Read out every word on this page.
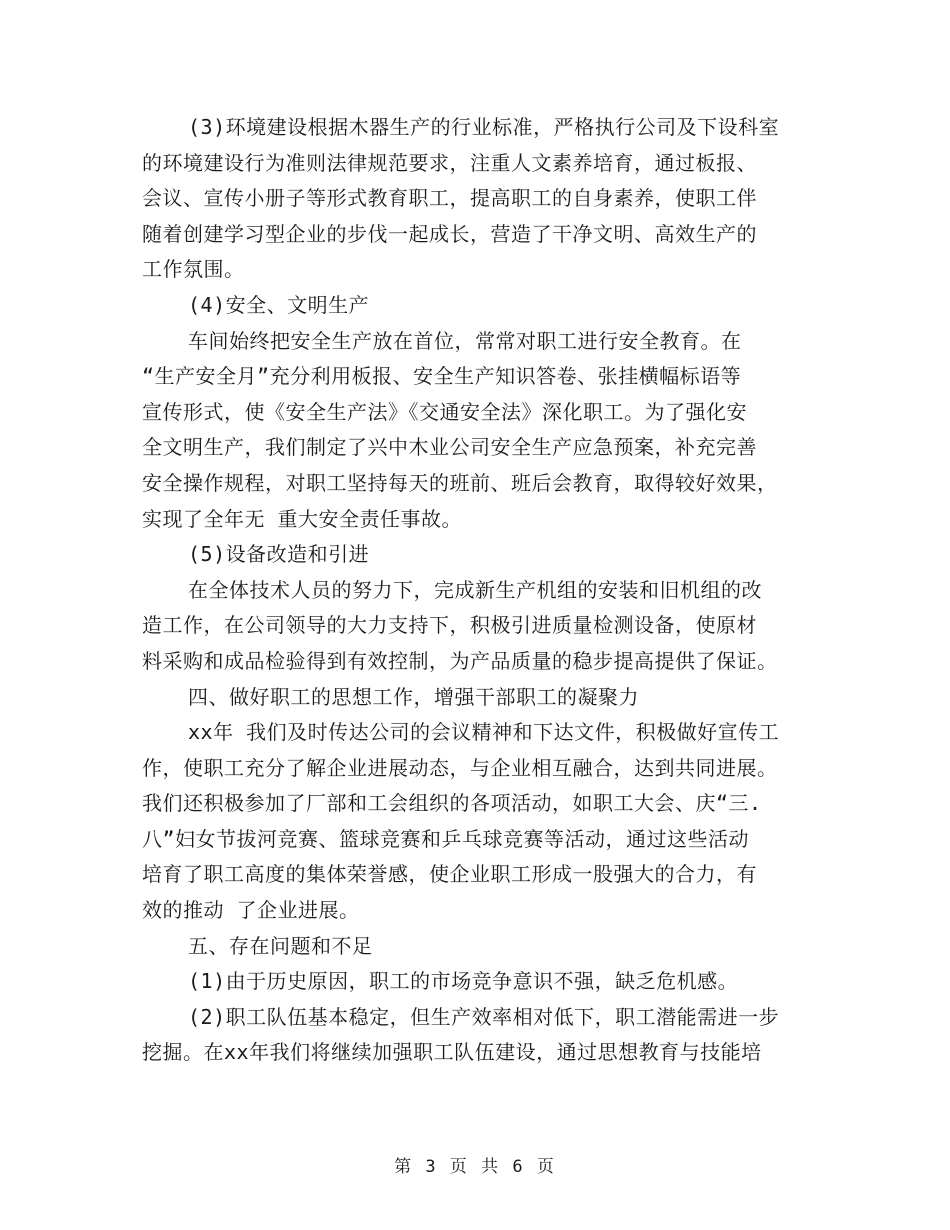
(3)环境建设根据木器生产的行业标准，严格执行公司及下设科室
的环境建设行为准则法律规范要求，注重人文素养培育，通过板报、
会议、宣传小册子等形式教育职工，提高职工的自身素养，使职工伴
随着创建学习型企业的步伐一起成长，营造了干净文明、高效生产的
工作氛围。
(4)安全、文明生产
车间始终把安全生产放在首位，常常对职工进行安全教育。在
“生产安全月”充分利用板报、安全生产知识答卷、张挂横幅标语等
宣传形式，使《安全生产法》《交通安全法》深化职工。为了强化安
全文明生产，我们制定了兴中木业公司安全生产应急预案，补充完善
安全操作规程，对职工坚持每天的班前、班后会教育，取得较好效果，
实现了全年无 重大安全责任事故。
(5)设备改造和引进
在全体技术人员的努力下，完成新生产机组的安装和旧机组的改
造工作，在公司领导的大力支持下，积极引进质量检测设备，使原材
料采购和成品检验得到有效控制，为产品质量的稳步提高提供了保证。
四、做好职工的思想工作，增强干部职工的凝聚力
xx年 我们及时传达公司的会议精神和下达文件，积极做好宣传工
作，使职工充分了解企业进展动态，与企业相互融合，达到共同进展。
我们还积极参加了厂部和工会组织的各项活动，如职工大会、庆“三.
八”妇女节拔河竞赛、篮球竞赛和乒乓球竞赛等活动，通过这些活动
培育了职工高度的集体荣誉感，使企业职工形成一股强大的合力，有
效的推动 了企业进展。
五、存在问题和不足
(1)由于历史原因，职工的市场竞争意识不强，缺乏危机感。
(2)职工队伍基本稳定，但生产效率相对低下，职工潜能需进一步
挖掘。在xx年我们将继续加强职工队伍建设，通过思想教育与技能培
第 3 页 共 6 页
